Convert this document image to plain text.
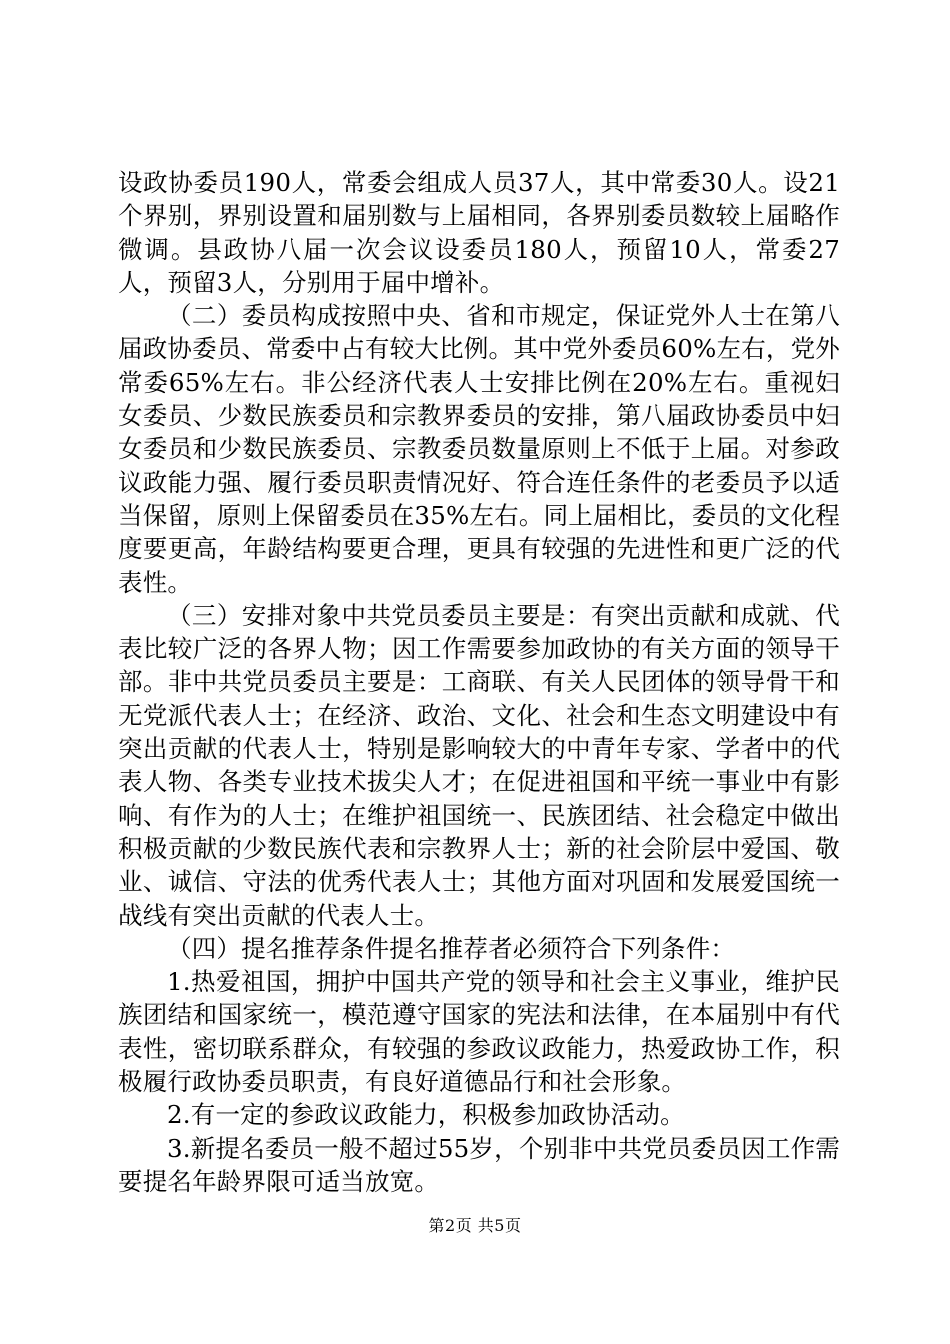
设政协委员190人，常委会组成人员37人，其中常委30人。设21个界别，界别设置和届别数与上届相同，各界别委员数较上届略作微调。县政协八届一次会议设委员180人，预留10人，常委27人，预留3人，分别用于届中增补。

（二）委员构成按照中央、省和市规定，保证党外人士在第八届政协委员、常委中占有较大比例。其中党外委员60%左右，党外常委65%左右。非公经济代表人士安排比例在20%左右。重视妇女委员、少数民族委员和宗教界委员的安排，第八届政协委员中妇女委员和少数民族委员、宗教委员数量原则上不低于上届。对参政议政能力强、履行委员职责情况好、符合连任条件的老委员予以适当保留，原则上保留委员在35%左右。同上届相比，委员的文化程度要更高，年龄结构要更合理，更具有较强的先进性和更广泛的代表性。

（三）安排对象中共党员委员主要是：有突出贡献和成就、代表比较广泛的各界人物；因工作需要参加政协的有关方面的领导干部。非中共党员委员主要是：工商联、有关人民团体的领导骨干和无党派代表人士；在经济、政治、文化、社会和生态文明建设中有突出贡献的代表人士，特别是影响较大的中青年专家、学者中的代表人物、各类专业技术拔尖人才；在促进祖国和平统一事业中有影响、有作为的人士；在维护祖国统一、民族团结、社会稳定中做出积极贡献的少数民族代表和宗教界人士；新的社会阶层中爱国、敬业、诚信、守法的优秀代表人士；其他方面对巩固和发展爱国统一战线有突出贡献的代表人士。

（四）提名推荐条件提名推荐者必须符合下列条件：

1.热爱祖国，拥护中国共产党的领导和社会主义事业，维护民族团结和国家统一，模范遵守国家的宪法和法律，在本届别中有代表性，密切联系群众，有较强的参政议政能力，热爱政协工作，积极履行政协委员职责，有良好道德品行和社会形象。

2.有一定的参政议政能力，积极参加政协活动。

3.新提名委员一般不超过55岁，个别非中共党员委员因工作需要提名年龄界限可适当放宽。

第2页 共5页
